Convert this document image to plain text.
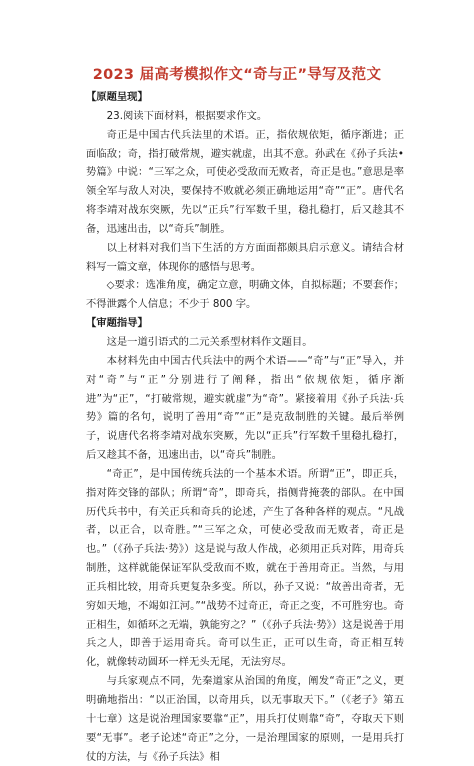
2023 届高考模拟作文“奇与正”导写及范文

【原题呈现】

23.阅读下面材料，根据要求作文。

奇正是中国古代兵法里的术语。正，指依规依矩，循序渐进；正面临敌；奇，指打破常规，避实就虚，出其不意。孙武在《孙子兵法•势篇》中说：“三军之众，可使必受敌而无败者，奇正是也。”意思是率领全军与敌人对决，要保持不败就必须正确地运用“奇”“正”。唐代名将李靖对战东突厥，先以“正兵”行军数千里，稳扎稳打，后又趁其不备，迅速出击，以“奇兵”制胜。

以上材料对我们当下生活的方方面面都颇具启示意义。请结合材料写一篇文章，体现你的感悟与思考。

◇要求：选准角度，确定立意，明确文体，自拟标题；不要套作；不得泄露个人信息；不少于 800 字。

【审题指导】

这是一道引语式的二元关系型材料作文题目。

本材料先由中国古代兵法中的两个术语——“奇”与“正”导入，并对“奇”与“正”分别进行了阐释，指出“依规依矩，循序渐进”为“正”，“打破常规，避实就虚”为“奇”。紧接着用《孙子兵法·兵势》篇的名句，说明了善用“奇”“正”是克敌制胜的关键。最后举例子，说唐代名将李靖对战东突厥，先以“正兵”行军数千里稳扎稳打，后又趁其不备，迅速出击，以“奇兵”制胜。

“奇正”，是中国传统兵法的一个基本术语。所谓“正”，即正兵，指对阵交锋的部队；所谓“奇”，即奇兵，指侧背掩袭的部队。在中国历代兵书中，有关正兵和奇兵的论述，产生了各种各样的观点。“凡战者，以正合，以奇胜。”“三军之众，可使必受敌而无败者，奇正是也。”（《孙子兵法·势》）这是说与敌人作战，必须用正兵对阵，用奇兵制胜，这样就能保证军队受敌而不败，就在于善用奇正。当然，与用正兵相比较，用奇兵更复杂多变。所以，孙子又说：“故善出奇者，无穷如天地，不竭如江河。”“战势不过奇正，奇正之变，不可胜穷也。奇正相生，如循环之无端，孰能穷之？”（《孙子兵法·势》）这是说善于用兵之人，即善于运用奇兵。奇可以生正，正可以生奇，奇正相互转化，就像转动圆环一样无头无尾，无法穷尽。

与兵家观点不同，先秦道家从治国的角度，阐发“奇正”之义，更明确地指出：“以正治国，以奇用兵，以无事取天下。”（《老子》第五十七章）这是说治理国家要靠“正”，用兵打仗则靠“奇”，夺取天下则要“无事”。老子论述“奇正”之分，一是治理国家的原则，一是用兵打仗的方法，与《孙子兵法》相
